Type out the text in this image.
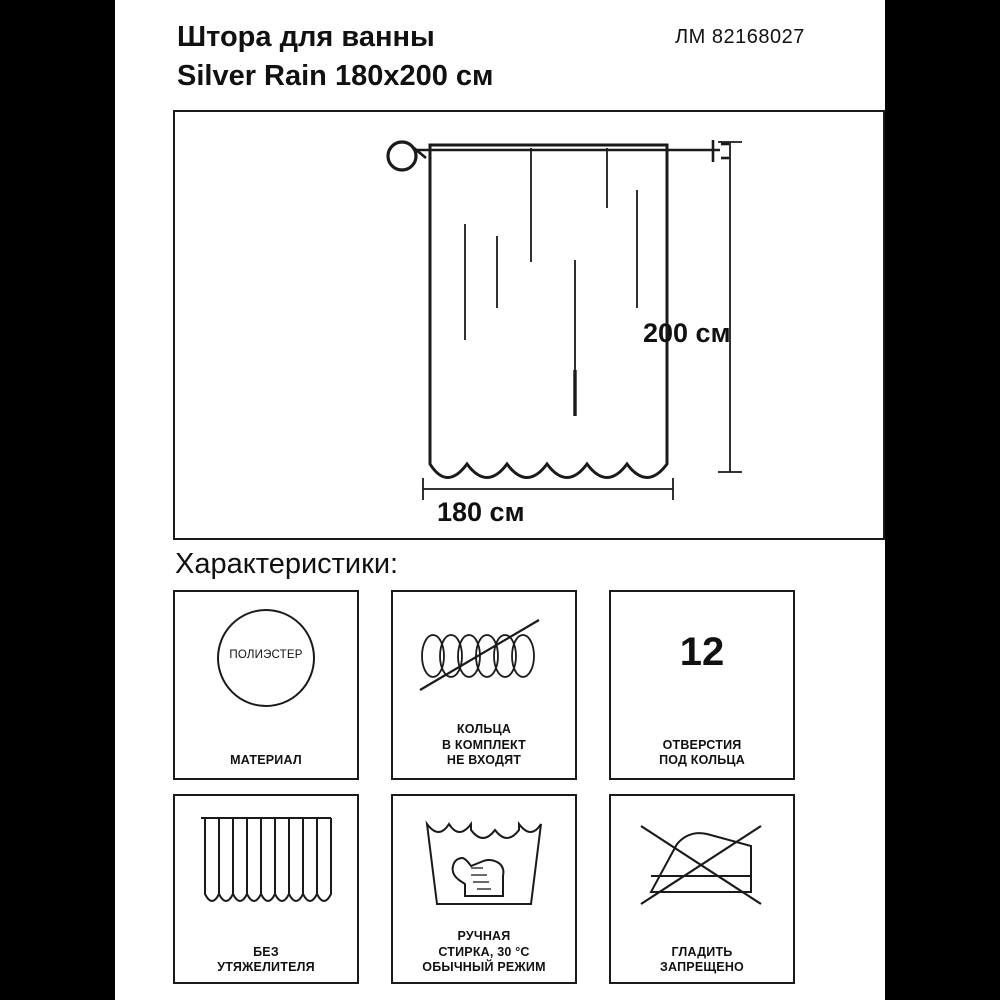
Штора для ванны
Silver Rain 180x200 см
ЛМ 82168027
200 см
180 см
Характеристики:
ПОЛИЭСТЕР
МАТЕРИАЛ
КОЛЬЦА
В КОМПЛЕКТ
НЕ ВХОДЯТ
12
ОТВЕРСТИЯ
ПОД КОЛЬЦА
БЕЗ
УТЯЖЕЛИТЕЛЯ
РУЧНАЯ
СТИРКА, 30 °С
ОБЫЧНЫЙ РЕЖИМ
ГЛАДИТЬ
ЗАПРЕЩЕНО
